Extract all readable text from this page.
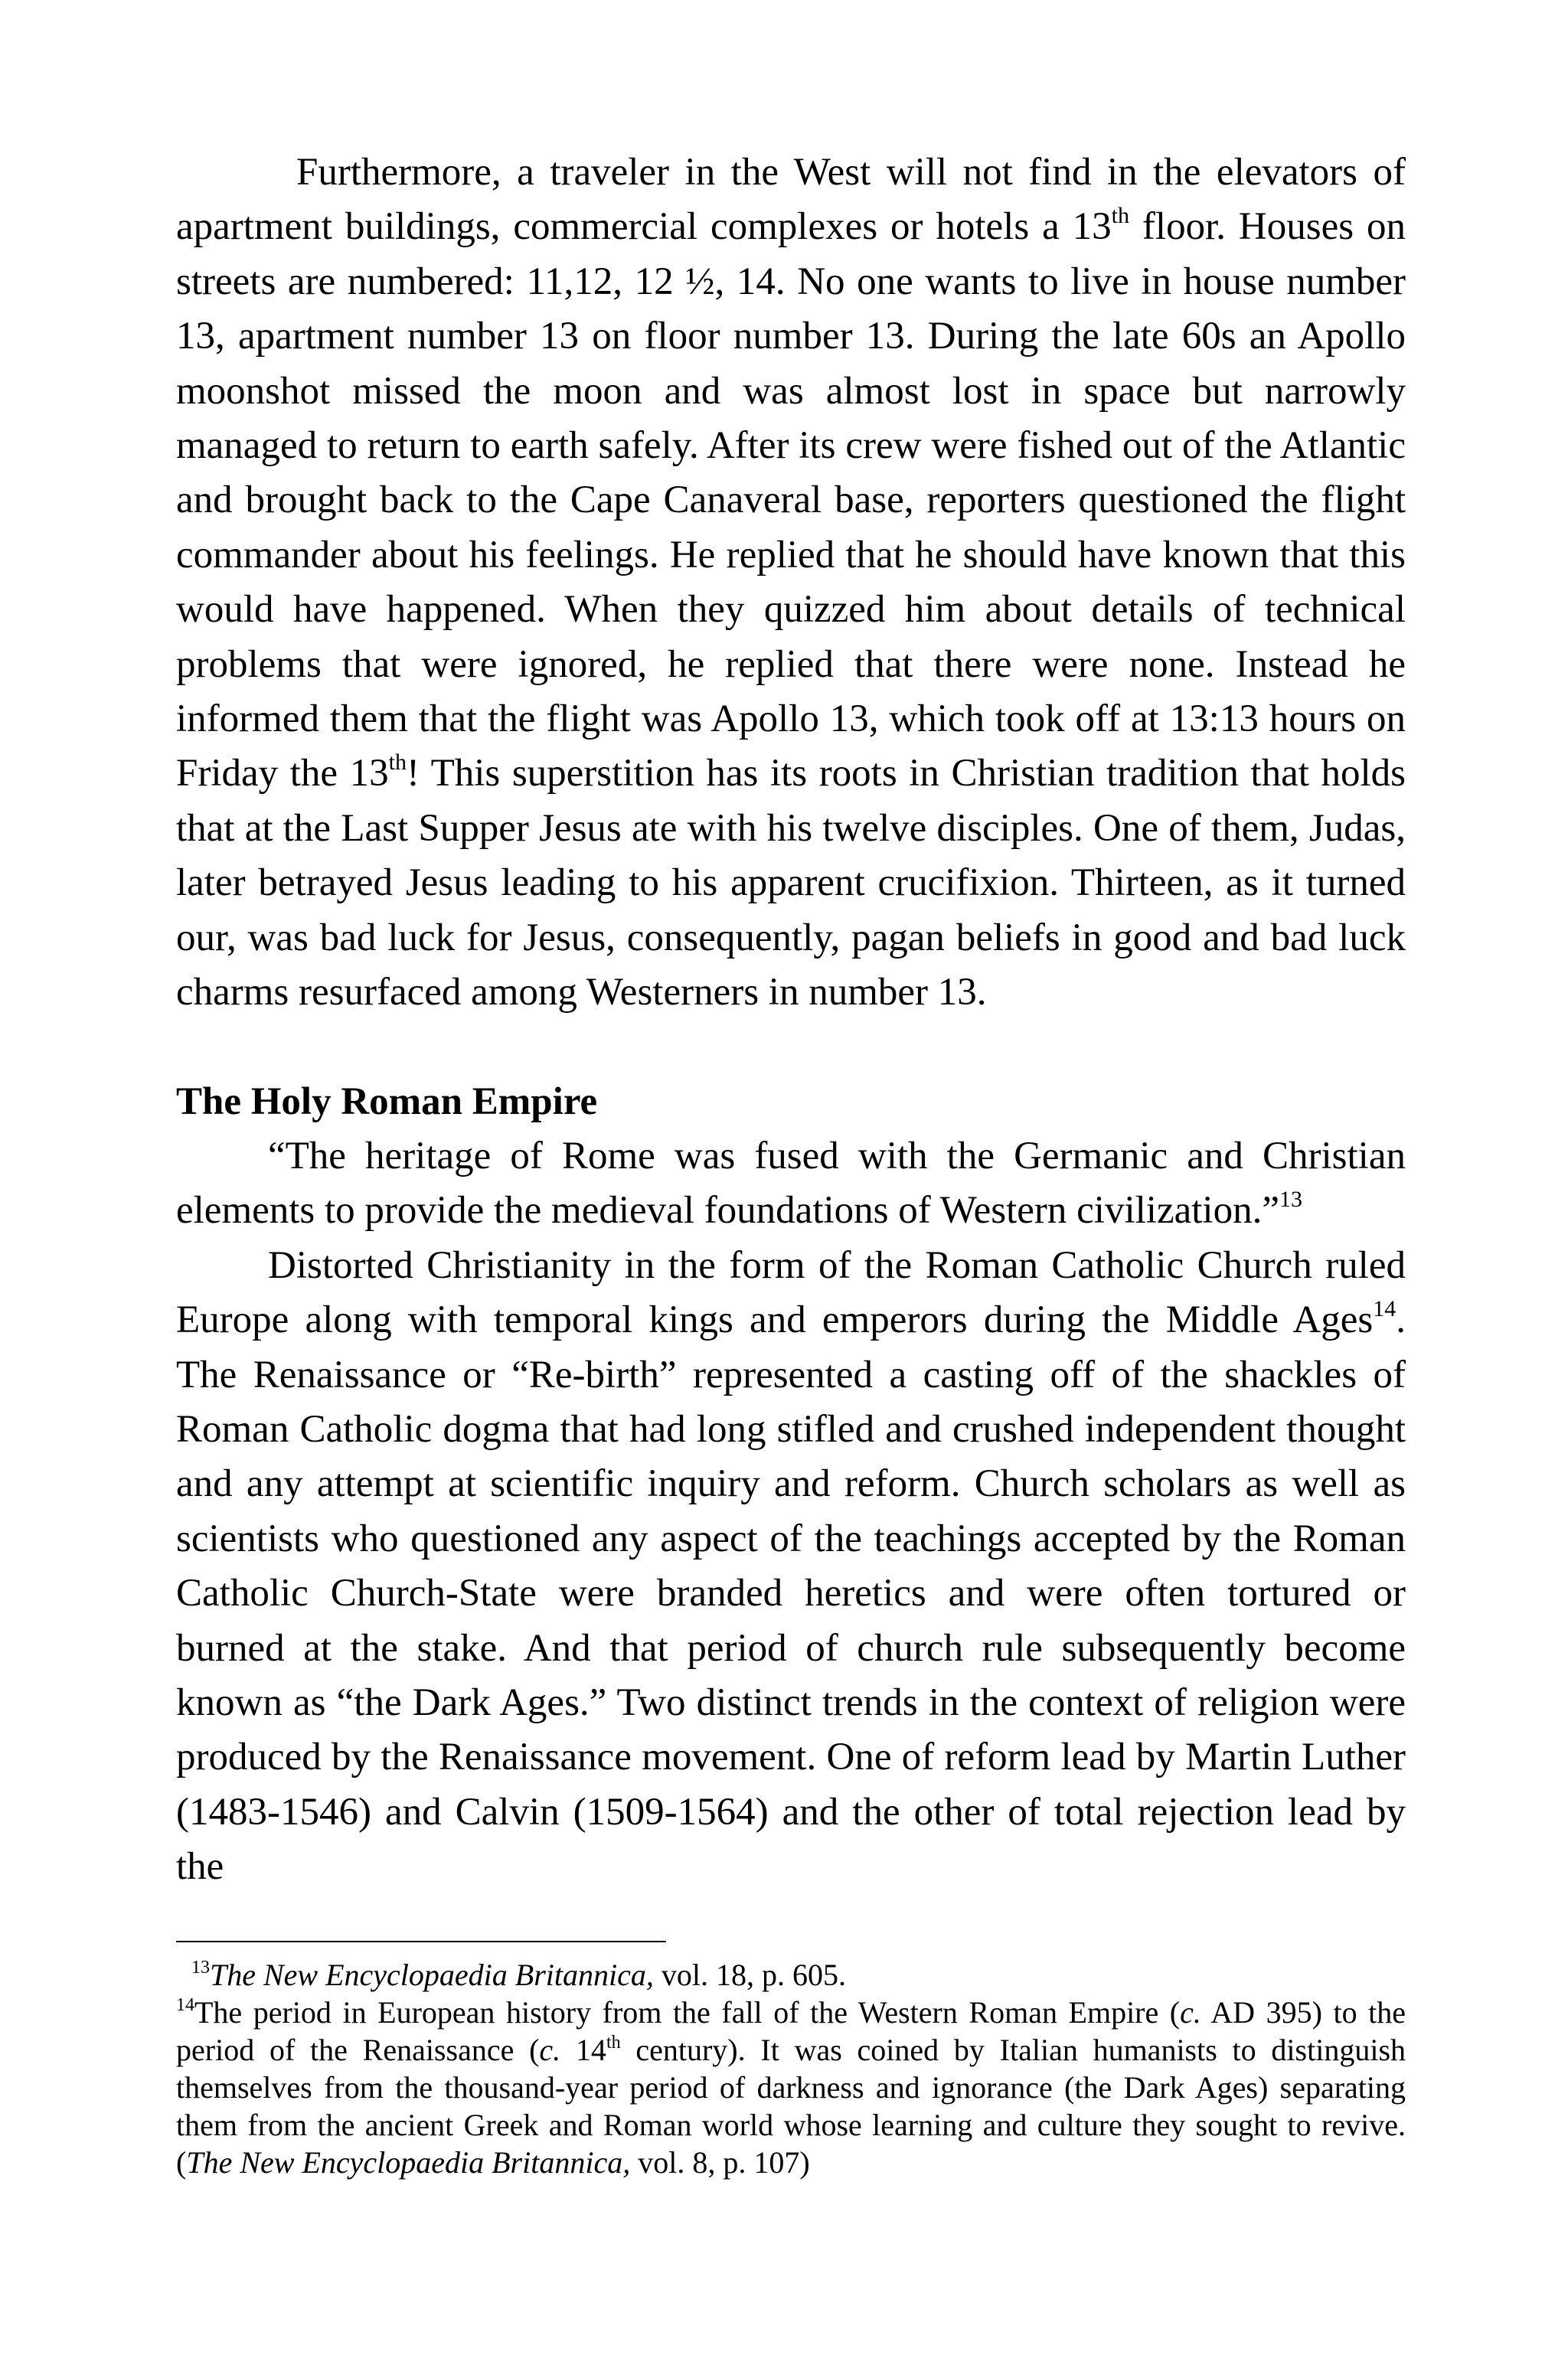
Furthermore, a traveler in the West will not find in the elevators of apartment buildings, commercial complexes or hotels a 13th floor. Houses on streets are numbered: 11,12, 12 ½, 14. No one wants to live in house number 13, apartment number 13 on floor number 13. During the late 60s an Apollo moonshot missed the moon and was almost lost in space but narrowly managed to return to earth safely. After its crew were fished out of the Atlantic and brought back to the Cape Canaveral base, reporters questioned the flight commander about his feelings. He replied that he should have known that this would have happened. When they quizzed him about details of technical problems that were ignored, he replied that there were none. Instead he informed them that the flight was Apollo 13, which took off at 13:13 hours on Friday the 13th! This superstition has its roots in Christian tradition that holds that at the Last Supper Jesus ate with his twelve disciples. One of them, Judas, later betrayed Jesus leading to his apparent crucifixion. Thirteen, as it turned our, was bad luck for Jesus, consequently, pagan beliefs in good and bad luck charms resurfaced among Westerners in number 13.

The Holy Roman Empire

“The heritage of Rome was fused with the Germanic and Christian elements to provide the medieval foundations of Western civilization.”$^{13}$

Distorted Christianity in the form of the Roman Catholic Church ruled Europe along with temporal kings and emperors during the Middle Ages$^{14}$. The Renaissance or “Re-birth” represented a casting off of the shackles of Roman Catholic dogma that had long stifled and crushed independent thought and any attempt at scientific inquiry and reform. Church scholars as well as scientists who questioned any aspect of the teachings accepted by the Roman Catholic Church-State were branded heretics and were often tortured or burned at the stake. And that period of church rule subsequently become known as “the Dark Ages.” Two distinct trends in the context of religion were produced by the Renaissance movement. One of reform lead by Martin Luther (1483-1546) and Calvin (1509-1564) and the other of total rejection lead by the

$^{13}$The New Encyclopaedia Britannica, vol. 18, p. 605.

$^{14}$The period in European history from the fall of the Western Roman Empire (c. AD 395) to the period of the Renaissance (c. 14th century). It was coined by Italian humanists to distinguish themselves from the thousand-year period of darkness and ignorance (the Dark Ages) separating them from the ancient Greek and Roman world whose learning and culture they sought to revive. (The New Encyclopaedia Britannica, vol. 8, p. 107)
